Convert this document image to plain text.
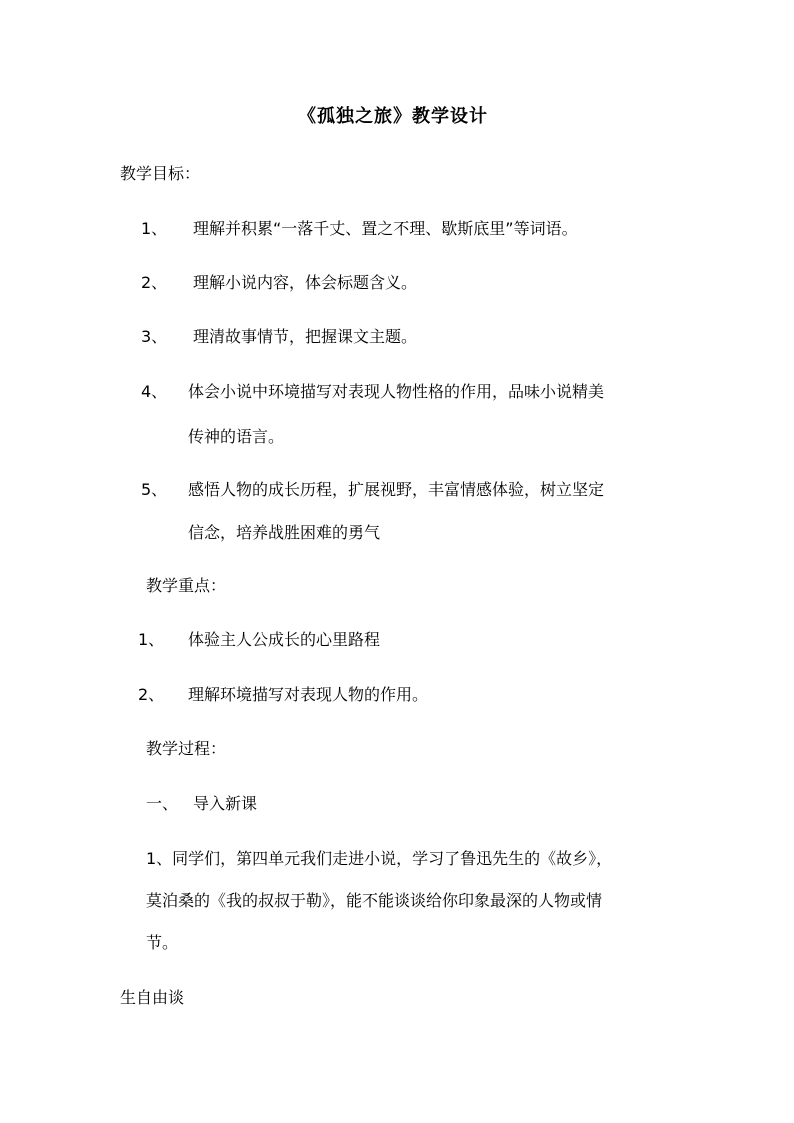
《孤独之旅》教学设计

教学目标：

1、 理解并积累“一落千丈、置之不理、歇斯底里”等词语。
2、 理解小说内容，体会标题含义。
3、 理清故事情节，把握课文主题。
4、 体会小说中环境描写对表现人物性格的作用，品味小说精美
传神的语言。
5、 感悟人物的成长历程，扩展视野，丰富情感体验，树立坚定
信念，培养战胜困难的勇气

教学重点：

1、 体验主人公成长的心里路程
2、 理解环境描写对表现人物的作用。

教学过程：

一、 导入新课

1、同学们，第四单元我们走进小说，学习了鲁迅先生的《故乡》，

莫泊桑的《我的叔叔于勒》，能不能谈谈给你印象最深的人物或情

节。

生自由谈
